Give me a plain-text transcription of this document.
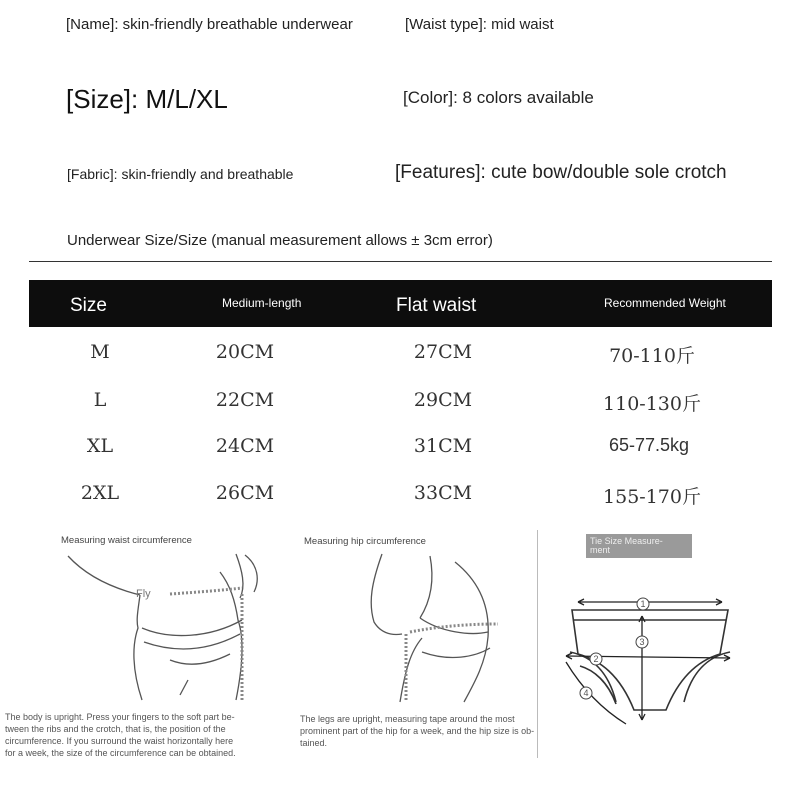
[Name]: skin-friendly breathable underwear	[Waist type]: mid waist
[Size]: M/L/XL	[Color]: 8 colors available
[Fabric]: skin-friendly and breathable	[Features]: cute bow/double sole crotch
Underwear Size/Size (manual measurement allows ± 3cm error)
Size	Medium-length	Flat waist	Recommended Weight
M	20CM	27CM	70-110斤
L	22CM	29CM	110-130斤
XL	24CM	31CM	65-77.5kg
2XL	26CM	33CM	155-170斤
Measuring waist circumference
Fly
The body is upright. Press your fingers to the soft part be-
tween the ribs and the crotch, that is, the position of the
circumference. If you surround the waist horizontally here
for a week, the size of the circumference can be obtained.
Measuring hip circumference
The legs are upright, measuring tape around the most
prominent part of the hip for a week, and the hip size is ob-
tained.
Tie Size Measure-
ment
1
2
3
4
